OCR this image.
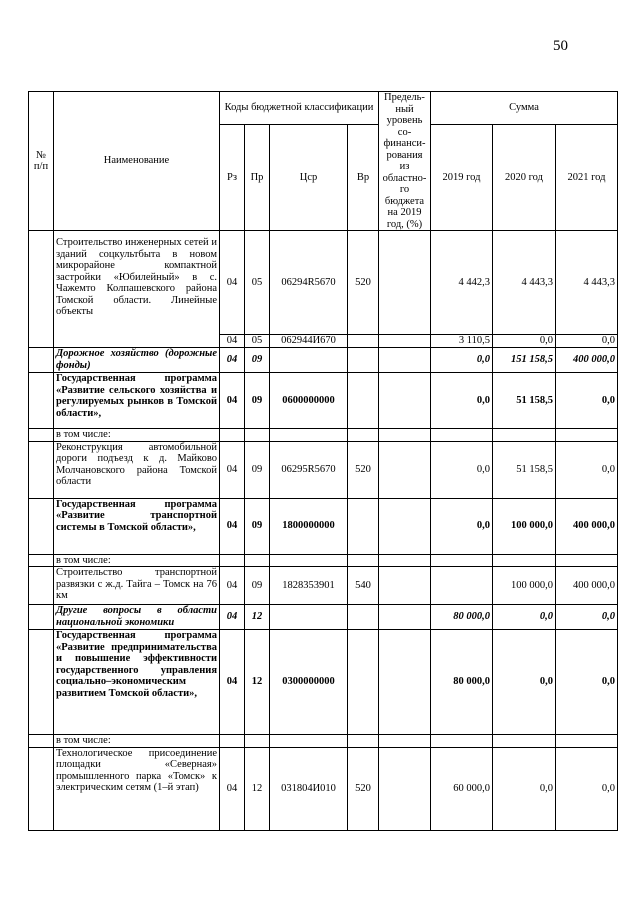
50
№ п/п	Наименование	Коды бюджетной классификации				Предель-ный уровень со-финанси-рования из областно-го бюджета на 2019 год, (%)	Сумма		
		Рз	Пр	Цср	Вр		2019 год	2020 год	2021 год
	Строительство инженерных сетей и зданий соцкультбыта в новом микрорайоне компактной застройки «Юбилейный» в с. Чажемто Колпашевского района Томской области. Линейные объекты	04	05	06294R5670	520		4 442,3	4 443,3	4 443,3
		04	05	062944И670			3 110,5	0,0	0,0
	Дорожное хозяйство (дорожные фонды)	04	09				0,0	151 158,5	400 000,0
	Государственная программа «Развитие сельского хозяйства и регулируемых рынков в Томской области»,	04	09	0600000000			0,0	51 158,5	0,0
	в том числе:								
	Реконструкция автомобильной дороги подъезд к д. Майково Молчановского района Томской области	04	09	06295R5670	520		0,0	51 158,5	0,0
	Государственная программа «Развитие транспортной системы в Томской области»,	04	09	1800000000			0,0	100 000,0	400 000,0
	в том числе:								
	Строительство транспортной развязки с ж.д. Тайга – Томск на 76 км	04	09	1828353901	540			100 000,0	400 000,0
	Другие вопросы в области национальной экономики	04	12				80 000,0	0,0	0,0
	Государственная программа «Развитие предпринимательства и повышение эффективности государственного управления социально–экономическим развитием Томской области»,	04	12	0300000000			80 000,0	0,0	0,0
	в том числе:								
	Технологическое присоединение площадки «Северная» промышленного парка «Томск» к электрическим сетям (1–й этап)	04	12	031804И010	520		60 000,0	0,0	0,0
